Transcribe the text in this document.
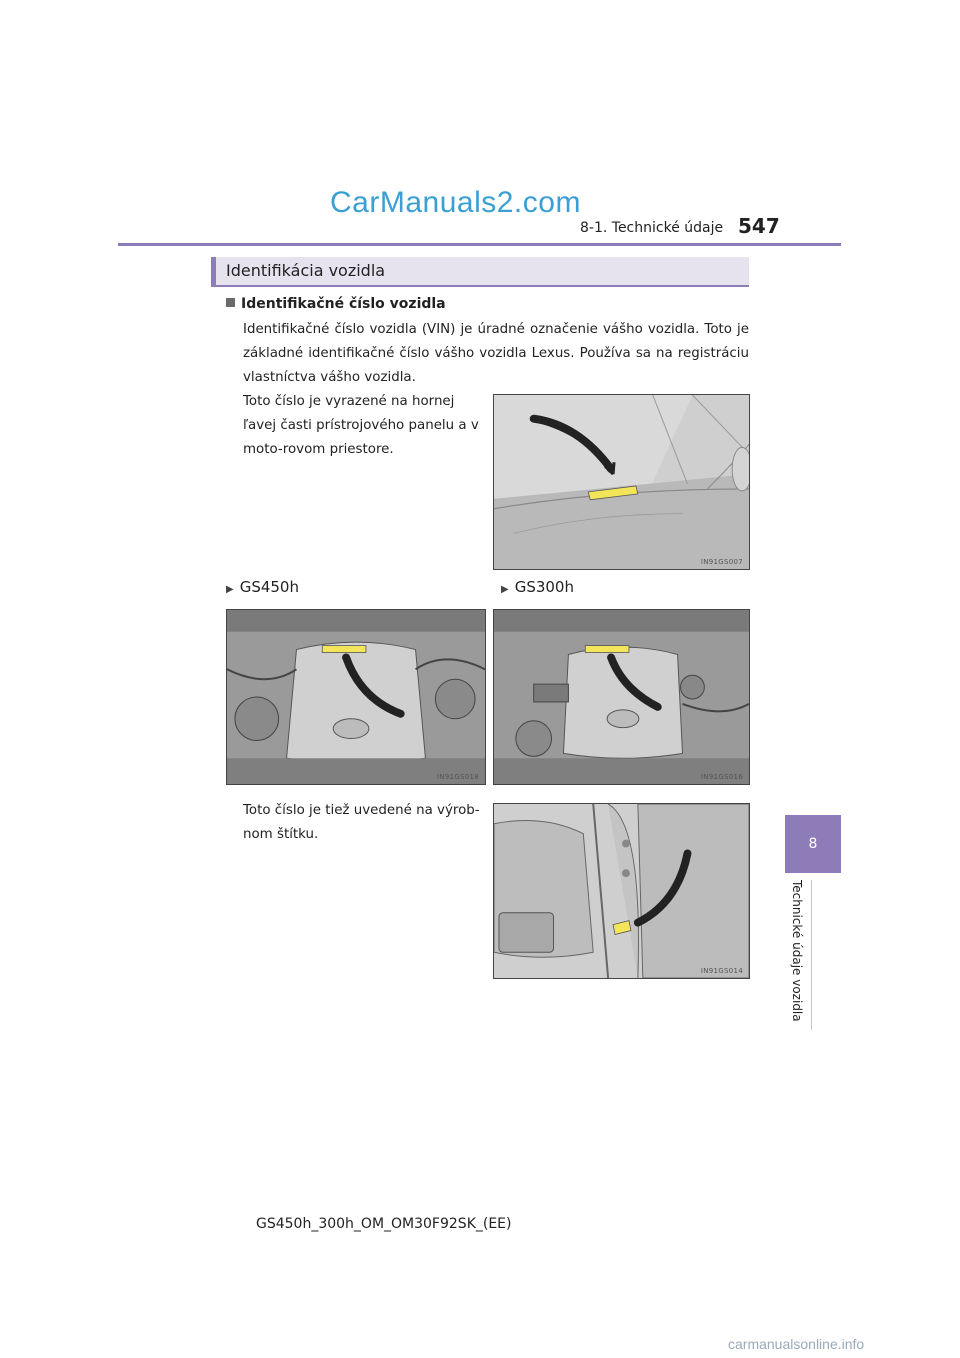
CarManuals2.com
8-1. Technické údaje 547
8
Technické údaje vozidla
Identifikácia vozidla
Identifikačné číslo vozidla
Identifikačné číslo vozidla (VIN) je úradné označenie vášho vozidla. Toto je základné identifikačné číslo vášho vozidla Lexus. Používa sa na registráciu vlastníctva vášho vozidla.
Toto číslo je vyrazené na hornej ľavej časti prístrojového panelu a v moto-rovom priestore.
IN91GS007
▶ GS450h	▶ GS300h
IN91GS018	IN91GS016
Toto číslo je tiež uvedené na výrob-nom štítku.
IN91GS014
GS450h_300h_OM_OM30F92SK_(EE)
carmanualsonline.info
